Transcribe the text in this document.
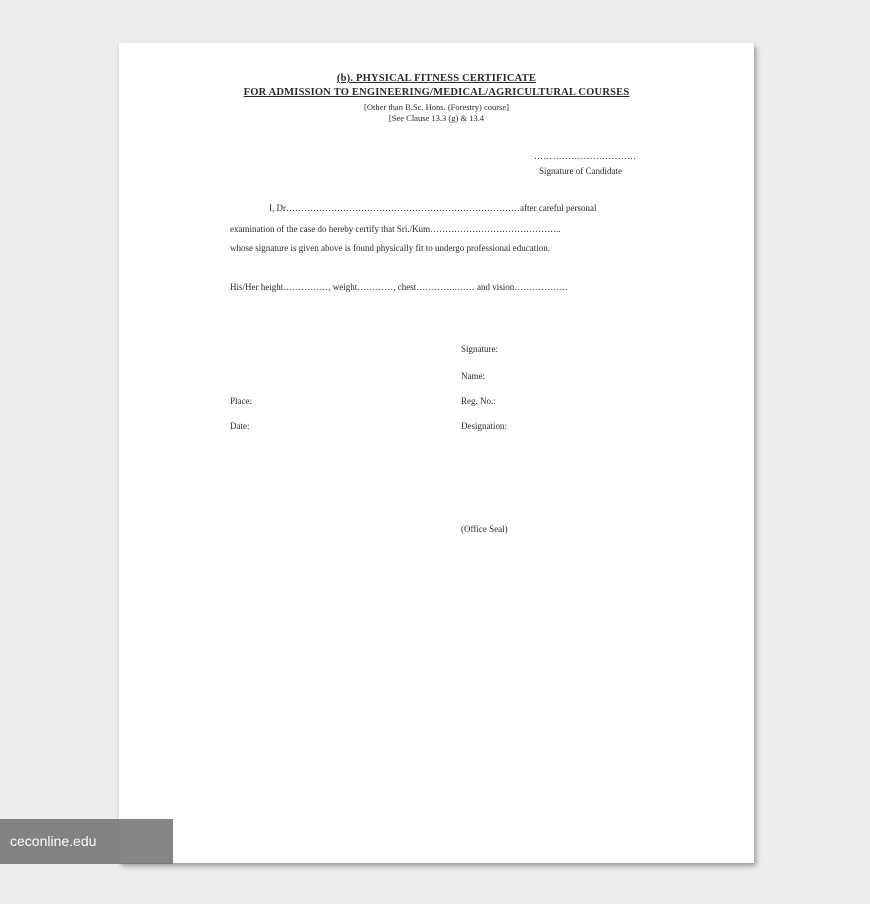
(b). PHYSICAL FITNESS CERTIFICATE
FOR ADMISSION TO ENGINEERING/MEDICAL/AGRICULTURAL COURSES
[Other than B.Sc. Hons. (Forestry) course]
[See Clause 13.3 (g) & 13.4
……………………………
Signature of Candidate
I, Dr……………………………………………………………………after careful personal
examination of the case do hereby certify that Sri./Kum……………………………………..
whose signature is given above is found physically fit to undergo professional education.
His/Her height……………, weight…………, chest…………..…… and vision………………
Signature:
Name:
Reg. No.:
Designation:
Place:
Date:
(Office Seal)
ceconline.edu
